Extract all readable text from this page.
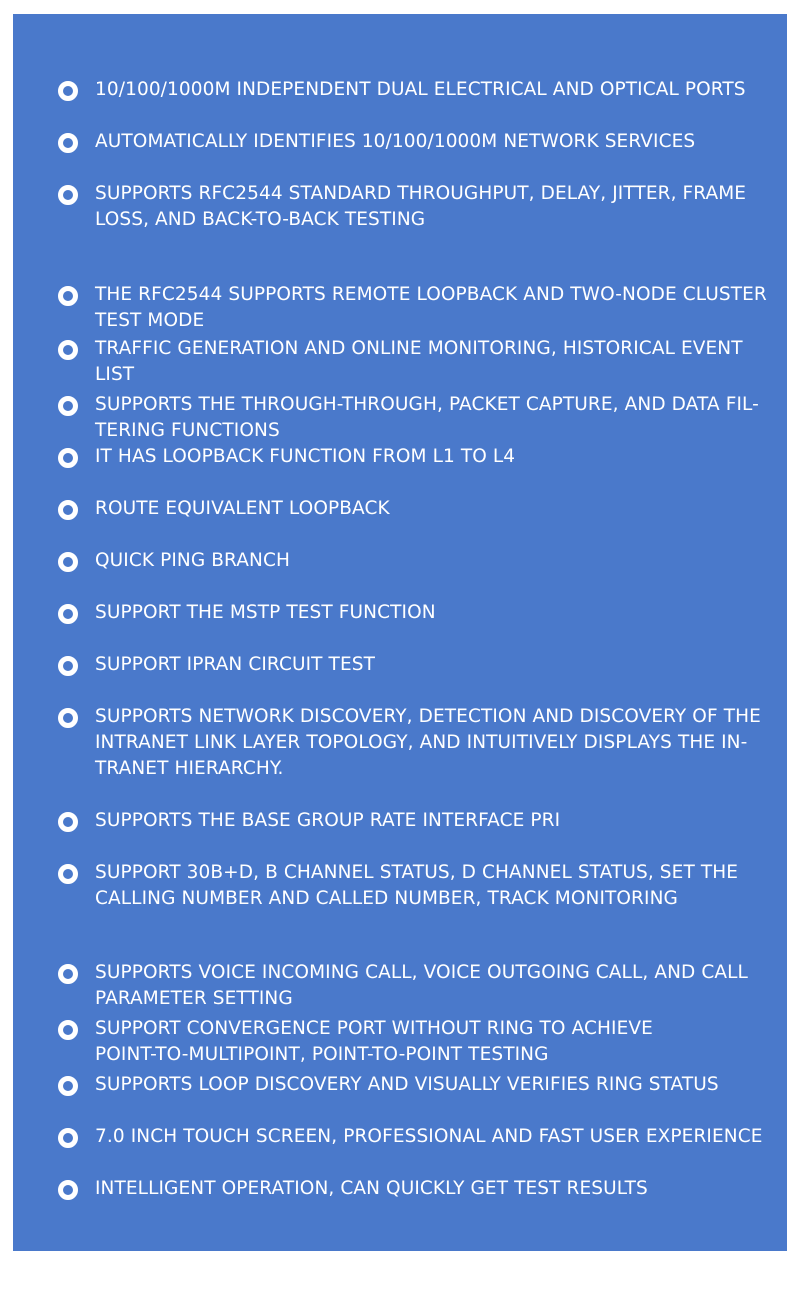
10/100/1000M INDEPENDENT DUAL ELECTRICAL AND OPTICAL PORTS
AUTOMATICALLY IDENTIFIES 10/100/1000M NETWORK SERVICES
SUPPORTS RFC2544 STANDARD THROUGHPUT, DELAY, JITTER, FRAME
LOSS, AND BACK-TO-BACK TESTING
THE RFC2544 SUPPORTS REMOTE LOOPBACK AND TWO-NODE CLUSTER
TEST MODE
TRAFFIC GENERATION AND ONLINE MONITORING, HISTORICAL EVENT
LIST
SUPPORTS THE THROUGH-THROUGH, PACKET CAPTURE, AND DATA FIL-
TERING FUNCTIONS
IT HAS LOOPBACK FUNCTION FROM L1 TO L4
ROUTE EQUIVALENT LOOPBACK
QUICK PING BRANCH
SUPPORT THE MSTP TEST FUNCTION
SUPPORT IPRAN CIRCUIT TEST
SUPPORTS NETWORK DISCOVERY, DETECTION AND DISCOVERY OF THE
INTRANET LINK LAYER TOPOLOGY, AND INTUITIVELY DISPLAYS THE IN-
TRANET HIERARCHY.
SUPPORTS THE BASE GROUP RATE INTERFACE PRI
SUPPORT 30B+D, B CHANNEL STATUS, D CHANNEL STATUS, SET THE
CALLING NUMBER AND CALLED NUMBER, TRACK MONITORING
SUPPORTS VOICE INCOMING CALL, VOICE OUTGOING CALL, AND CALL
PARAMETER SETTING
SUPPORT CONVERGENCE PORT WITHOUT RING TO ACHIEVE
POINT-TO-MULTIPOINT, POINT-TO-POINT TESTING
SUPPORTS LOOP DISCOVERY AND VISUALLY VERIFIES RING STATUS
7.0 INCH TOUCH SCREEN, PROFESSIONAL AND FAST USER EXPERIENCE
INTELLIGENT OPERATION, CAN QUICKLY GET TEST RESULTS
